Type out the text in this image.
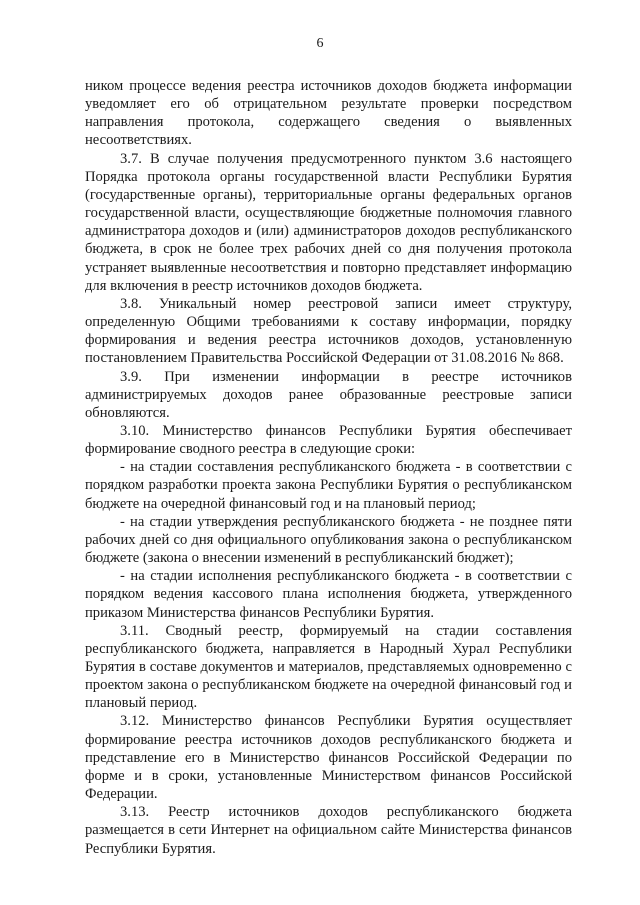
6

ником процессе ведения реестра источников доходов бюджета информации уведомляет его об отрицательном результате проверки посредством направления протокола, содержащего сведения о выявленных несоответствиях.

3.7. В случае получения предусмотренного пунктом 3.6 настоящего Порядка протокола органы государственной власти Республики Бурятия (государственные органы), территориальные органы федеральных органов государственной власти, осуществляющие бюджетные полномочия главного администратора доходов и (или) администраторов доходов республиканского бюджета, в срок не более трех рабочих дней со дня получения протокола устраняет выявленные несоответствия и повторно представляет информацию для включения в реестр источников доходов бюджета.

3.8. Уникальный номер реестровой записи имеет структуру, определенную Общими требованиями к составу информации, порядку формирования и ведения реестра источников доходов, установленную постановлением Правительства Российской Федерации от 31.08.2016 № 868.

3.9. При изменении информации в реестре источников администрируемых доходов ранее образованные реестровые записи обновляются.

3.10. Министерство финансов Республики Бурятия обеспечивает формирование сводного реестра в следующие сроки:

- на стадии составления республиканского бюджета - в соответствии с порядком разработки проекта закона Республики Бурятия о республиканском бюджете на очередной финансовый год и на плановый период;

- на стадии утверждения республиканского бюджета - не позднее пяти рабочих дней со дня официального опубликования закона о республиканском бюджете (закона о внесении изменений в республиканский бюджет);

- на стадии исполнения республиканского бюджета - в соответствии с порядком ведения кассового плана исполнения бюджета, утвержденного приказом Министерства финансов Республики Бурятия.

3.11. Сводный реестр, формируемый на стадии составления республиканского бюджета, направляется в Народный Хурал Республики Бурятия в составе документов и материалов, представляемых одновременно с проектом закона о республиканском бюджете на очередной финансовый год и плановый период.

3.12. Министерство финансов Республики Бурятия осуществляет формирование реестра источников доходов республиканского бюджета и представление его в Министерство финансов Российской Федерации по форме и в сроки, установленные Министерством финансов Российской Федерации.

3.13. Реестр источников доходов республиканского бюджета размещается в сети Интернет на официальном сайте Министерства финансов Республики Бурятия.
